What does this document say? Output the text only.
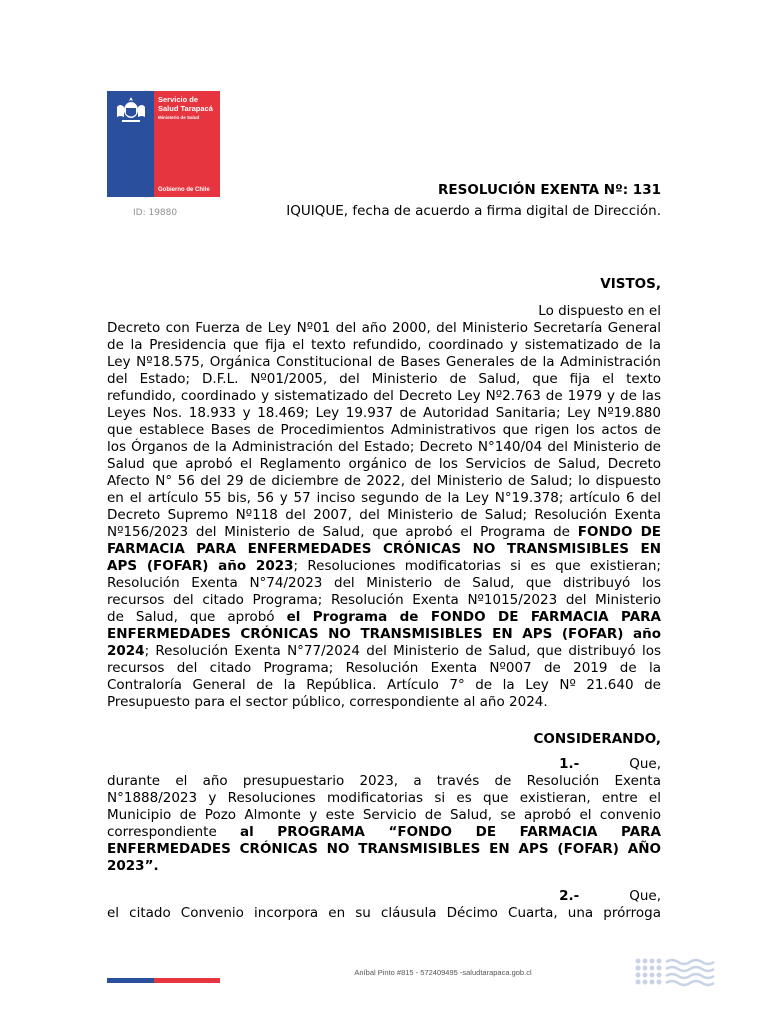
Servicio de Salud Tarapacá
Ministerio de Salud
Gobierno de Chile
ID: 19880
RESOLUCIÓN EXENTA Nº: 131
IQUIQUE, fecha de acuerdo a firma digital de Dirección.
VISTOS,
Lo dispuesto en el
Decreto con Fuerza de Ley Nº01 del año 2000, del Ministerio Secretaría General
de la Presidencia que fija el texto refundido, coordinado y sistematizado de la
Ley Nº18.575, Orgánica Constitucional de Bases Generales de la Administración
del Estado; D.F.L. Nº01/2005, del Ministerio de Salud, que fija el texto
refundido, coordinado y sistematizado del Decreto Ley Nº2.763 de 1979 y de las
Leyes Nos. 18.933 y 18.469; Ley 19.937 de Autoridad Sanitaria; Ley Nº19.880
que establece Bases de Procedimientos Administrativos que rigen los actos de
los Órganos de la Administración del Estado; Decreto N°140/04 del Ministerio de
Salud que aprobó el Reglamento orgánico de los Servicios de Salud, Decreto
Afecto N° 56 del 29 de diciembre de 2022, del Ministerio de Salud; lo dispuesto
en el artículo 55 bis, 56 y 57 inciso segundo de la Ley N°19.378; artículo 6 del
Decreto Supremo Nº118 del 2007, del Ministerio de Salud; Resolución Exenta
Nº156/2023 del Ministerio de Salud, que aprobó el Programa de FONDO DE
FARMACIA PARA ENFERMEDADES CRÓNICAS NO TRANSMISIBLES EN
APS (FOFAR) año 2023; Resoluciones modificatorias si es que existieran;
Resolución Exenta N°74/2023 del Ministerio de Salud, que distribuyó los
recursos del citado Programa; Resolución Exenta Nº1015/2023 del Ministerio
de Salud, que aprobó el Programa de FONDO DE FARMACIA PARA
ENFERMEDADES CRÓNICAS NO TRANSMISIBLES EN APS (FOFAR) año
2024; Resolución Exenta N°77/2024 del Ministerio de Salud, que distribuyó los
recursos del citado Programa; Resolución Exenta Nº007 de 2019 de la
Contraloría General de la República. Artículo 7° de la Ley Nº 21.640 de
Presupuesto para el sector público, correspondiente al año 2024.
CONSIDERANDO,
1.-	Que,
durante el año presupuestario 2023, a través de Resolución Exenta
N°1888/2023 y Resoluciones modificatorias si es que existieran, entre el
Municipio de Pozo Almonte y este Servicio de Salud, se aprobó el convenio
correspondiente al PROGRAMA “FONDO DE FARMACIA PARA
ENFERMEDADES CRÓNICAS NO TRANSMISIBLES EN APS (FOFAR) AÑO
2023”.
2.-	Que,
el citado Convenio incorpora en su cláusula Décimo Cuarta, una prórroga
Aníbal Pinto #815 - 572409495 -saludtarapaca.gob.cl
